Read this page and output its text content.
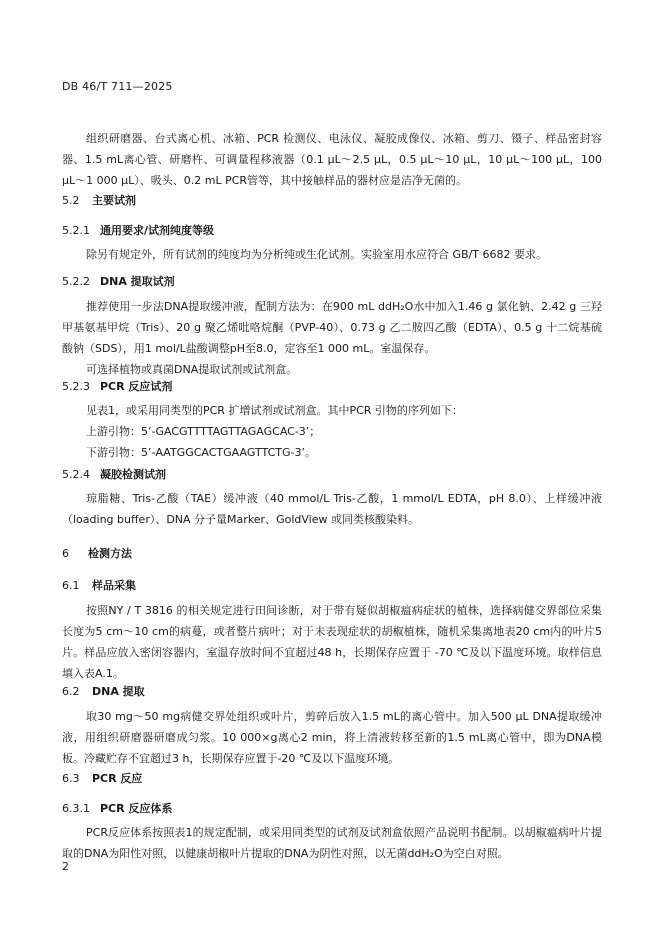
DB 46/T 711—2025

组织研磨器、台式离心机、冰箱、PCR 检测仪、电泳仪、凝胶成像仪、冰箱、剪刀、镊子、样品密封容器、1.5 mL离心管、研磨杵、可调量程移液器（0.1 μL～2.5 μL，0.5 μL～10 μL，10 μL～100 μL，100 μL～1 000 μL）、吸头、0.2 mL PCR管等，其中接触样品的器材应是洁净无菌的。

5.2 主要试剂
5.2.1 通用要求/试剂纯度等级

除另有规定外，所有试剂的纯度均为分析纯或生化试剂。实验室用水应符合 GB/T 6682 要求。

5.2.2 DNA 提取试剂

推荐使用一步法DNA提取缓冲液，配制方法为：在900 mL ddH₂O水中加入1.46 g 氯化钠、2.42 g 三羟甲基氨基甲烷（Tris）、20 g 聚乙烯吡咯烷酮（PVP-40）、0.73 g 乙二胺四乙酸（EDTA）、0.5 g 十二烷基硫酸钠（SDS），用1 mol/L盐酸调整pH至8.0，定容至1 000 mL。室温保存。

可选择植物或真菌DNA提取试剂或试剂盒。

5.2.3 PCR 反应试剂

见表1，或采用同类型的PCR 扩增试剂或试剂盒。其中PCR 引物的序列如下：

上游引物：5’-GACGTTTTAGTTAGAGCAC-3’；

下游引物：5’-AATGGCACTGAAGTTCTG-3’。

5.2.4 凝胶检测试剂

琼脂糖、Tris-乙酸（TAE）缓冲液（40 mmol/L Tris-乙酸，1 mmol/L EDTA，pH 8.0）、上样缓冲液（loading buffer）、DNA 分子量Marker、GoldView 或同类核酸染料。

6 检测方法
6.1 样品采集

按照NY / T 3816 的相关规定进行田间诊断，对于带有疑似胡椒瘟病症状的植株，选择病健交界部位采集长度为5 cm～10 cm的病蔓，或者整片病叶；对于未表现症状的胡椒植株，随机采集离地表20 cm内的叶片5片。样品应放入密闭容器内，室温存放时间不宜超过48 h，长期保存应置于 -70 ℃及以下温度环境。取样信息填入表A.1。

6.2 DNA 提取

取30 mg～50 mg病健交界处组织或叶片，剪碎后放入1.5 mL的离心管中。加入500 μL DNA提取缓冲液，用组织研磨器研磨成匀浆。10 000×g离心2 min，将上清液转移至新的1.5 mL离心管中，即为DNA模板。冷藏贮存不宜超过3 h，长期保存应置于-20 ℃及以下温度环境。

6.3 PCR 反应
6.3.1 PCR 反应体系

PCR反应体系按照表1的规定配制，或采用同类型的试剂及试剂盒依照产品说明书配制。以胡椒瘟病叶片提取的DNA为阳性对照，以健康胡椒叶片提取的DNA为阴性对照，以无菌ddH₂O为空白对照。

2
